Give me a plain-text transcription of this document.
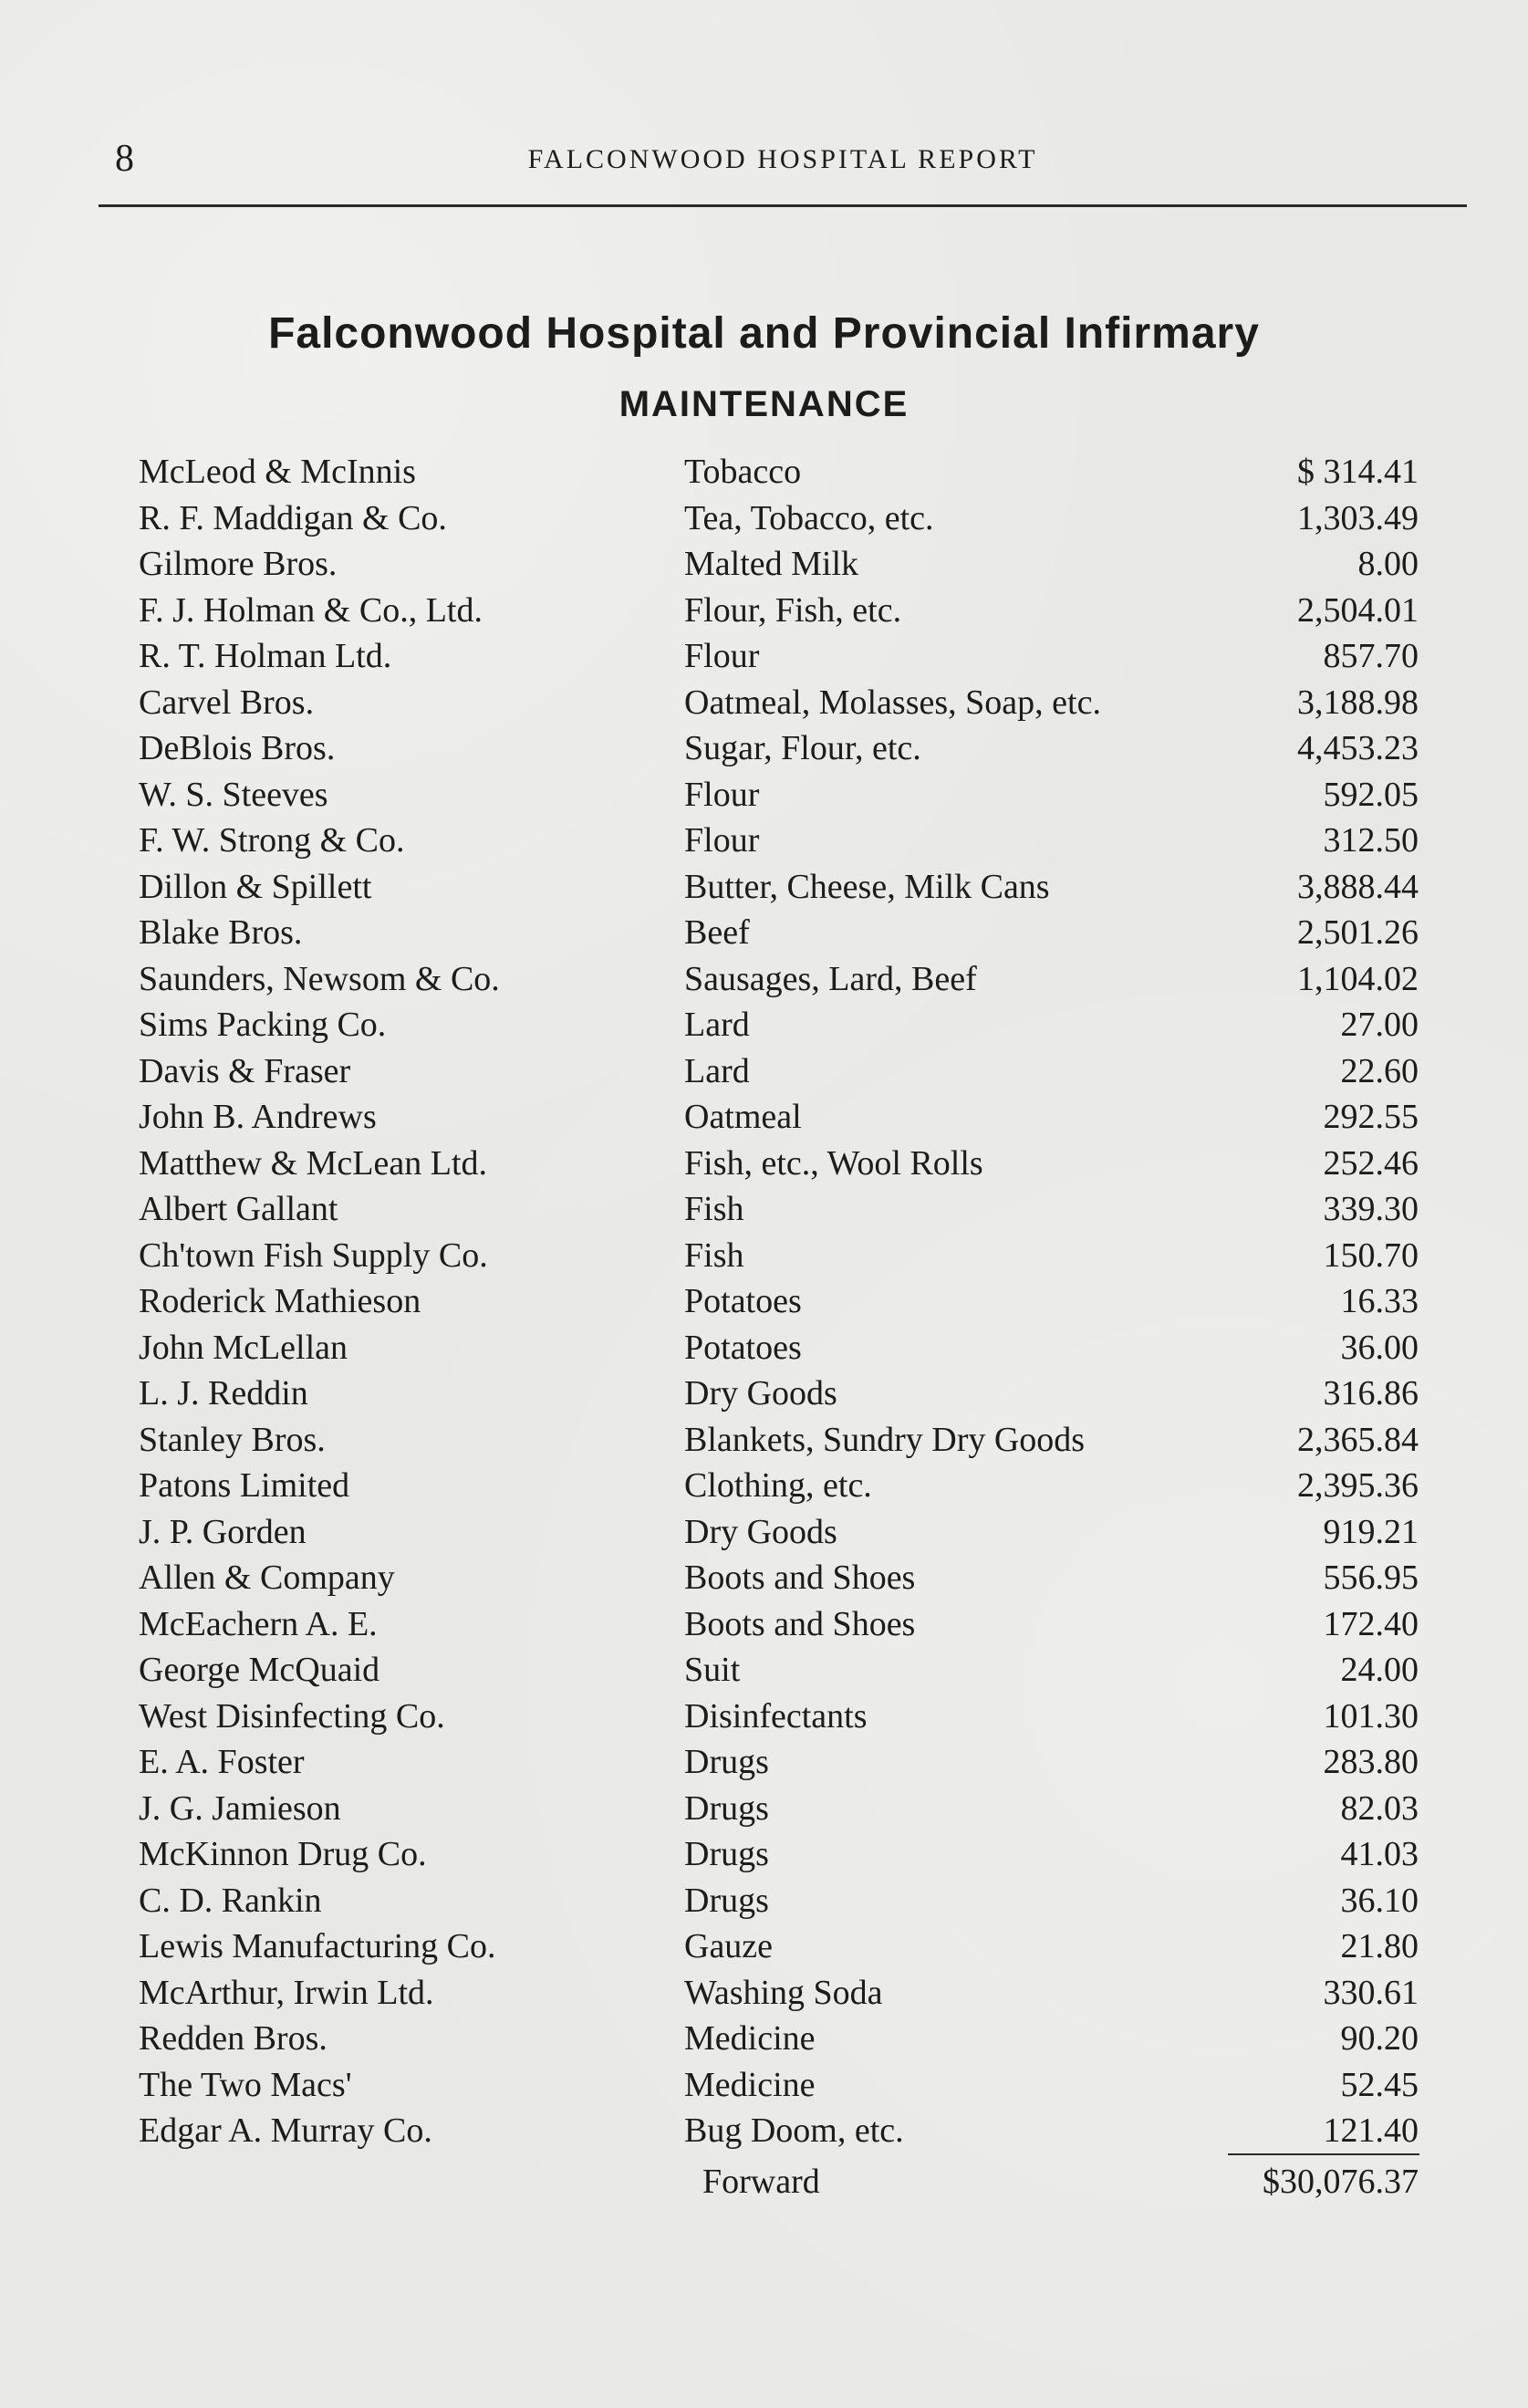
8	FALCONWOOD HOSPITAL REPORT
Falconwood Hospital and Provincial Infirmary
MAINTENANCE
McLeod & McInnis	Tobacco	$ 314.41
R. F. Maddigan & Co.	Tea, Tobacco, etc.	1,303.49
Gilmore Bros.	Malted Milk	8.00
F. J. Holman & Co., Ltd.	Flour, Fish, etc.	2,504.01
R. T. Holman Ltd.	Flour	857.70
Carvel Bros.	Oatmeal, Molasses, Soap, etc.	3,188.98
DeBlois Bros.	Sugar, Flour, etc.	4,453.23
W. S. Steeves	Flour	592.05
F. W. Strong & Co.	Flour	312.50
Dillon & Spillett	Butter, Cheese, Milk Cans	3,888.44
Blake Bros.	Beef	2,501.26
Saunders, Newsom & Co.	Sausages, Lard, Beef	1,104.02
Sims Packing Co.	Lard	27.00
Davis & Fraser	Lard	22.60
John B. Andrews	Oatmeal	292.55
Matthew & McLean Ltd.	Fish, etc., Wool Rolls	252.46
Albert Gallant	Fish	339.30
Ch'town Fish Supply Co.	Fish	150.70
Roderick Mathieson	Potatoes	16.33
John McLellan	Potatoes	36.00
L. J. Reddin	Dry Goods	316.86
Stanley Bros.	Blankets, Sundry Dry Goods	2,365.84
Patons Limited	Clothing, etc.	2,395.36
J. P. Gorden	Dry Goods	919.21
Allen & Company	Boots and Shoes	556.95
McEachern A. E.	Boots and Shoes	172.40
George McQuaid	Suit	24.00
West Disinfecting Co.	Disinfectants	101.30
E. A. Foster	Drugs	283.80
J. G. Jamieson	Drugs	82.03
McKinnon Drug Co.	Drugs	41.03
C. D. Rankin	Drugs	36.10
Lewis Manufacturing Co.	Gauze	21.80
McArthur, Irwin Ltd.	Washing Soda	330.61
Redden Bros.	Medicine	90.20
The Two Macs'	Medicine	52.45
Edgar A. Murray Co.	Bug Doom, etc.	121.40
Forward	$30,076.37
